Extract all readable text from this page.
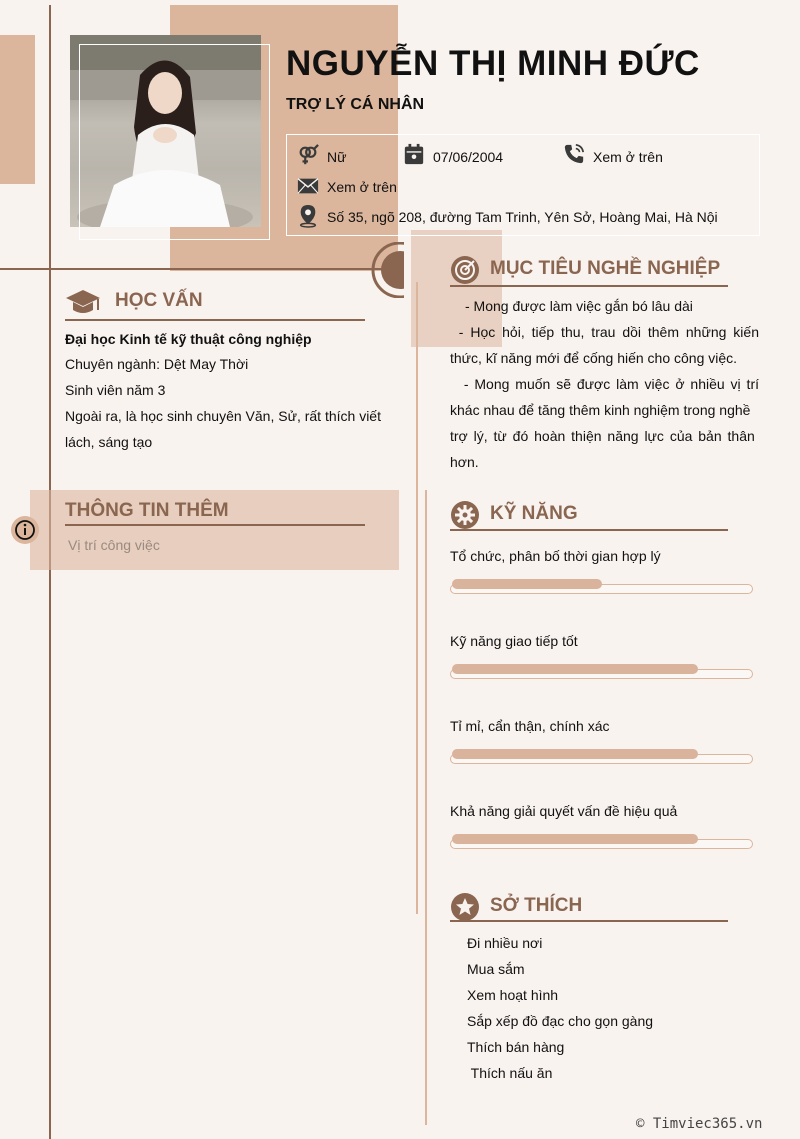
NGUYỄN THỊ MINH ĐỨC
TRỢ LÝ CÁ NHÂN
Nữ	07/06/2004	Xem ở trên
Xem ở trên
Số 35, ngõ 208, đường Tam Trinh, Yên Sở, Hoàng Mai, Hà Nội
HỌC VẤN
Đại học Kinh tế kỹ thuật công nghiệp
Chuyên ngành: Dệt May Thời
Sinh viên năm 3
Ngoài ra, là học sinh chuyên Văn, Sử, rất thích viết
lách, sáng tạo
THÔNG TIN THÊM
Vị trí công việc
MỤC TIÊU NGHỀ NGHIỆP
- Mong được làm việc gắn bó lâu dài
- Học hỏi, tiếp thu, trau dồi thêm những kiến
thức, kĩ năng mới để cống hiến cho công việc.
- Mong muốn sẽ được làm việc ở nhiều vị trí
khác nhau để tăng thêm kinh nghiệm trong nghề
trợ lý, từ đó hoàn thiện năng lực của bản thân
hơn.
KỸ NĂNG
Tổ chức, phân bố thời gian hợp lý
Kỹ năng giao tiếp tốt
Tỉ mỉ, cẩn thận, chính xác
Khả năng giải quyết vấn đề hiệu quả
SỞ THÍCH
Đi nhiều nơi
Mua sắm
Xem hoạt hình
Sắp xếp đồ đạc cho gọn gàng
Thích bán hàng
Thích nấu ăn
© Timviec365.vn
